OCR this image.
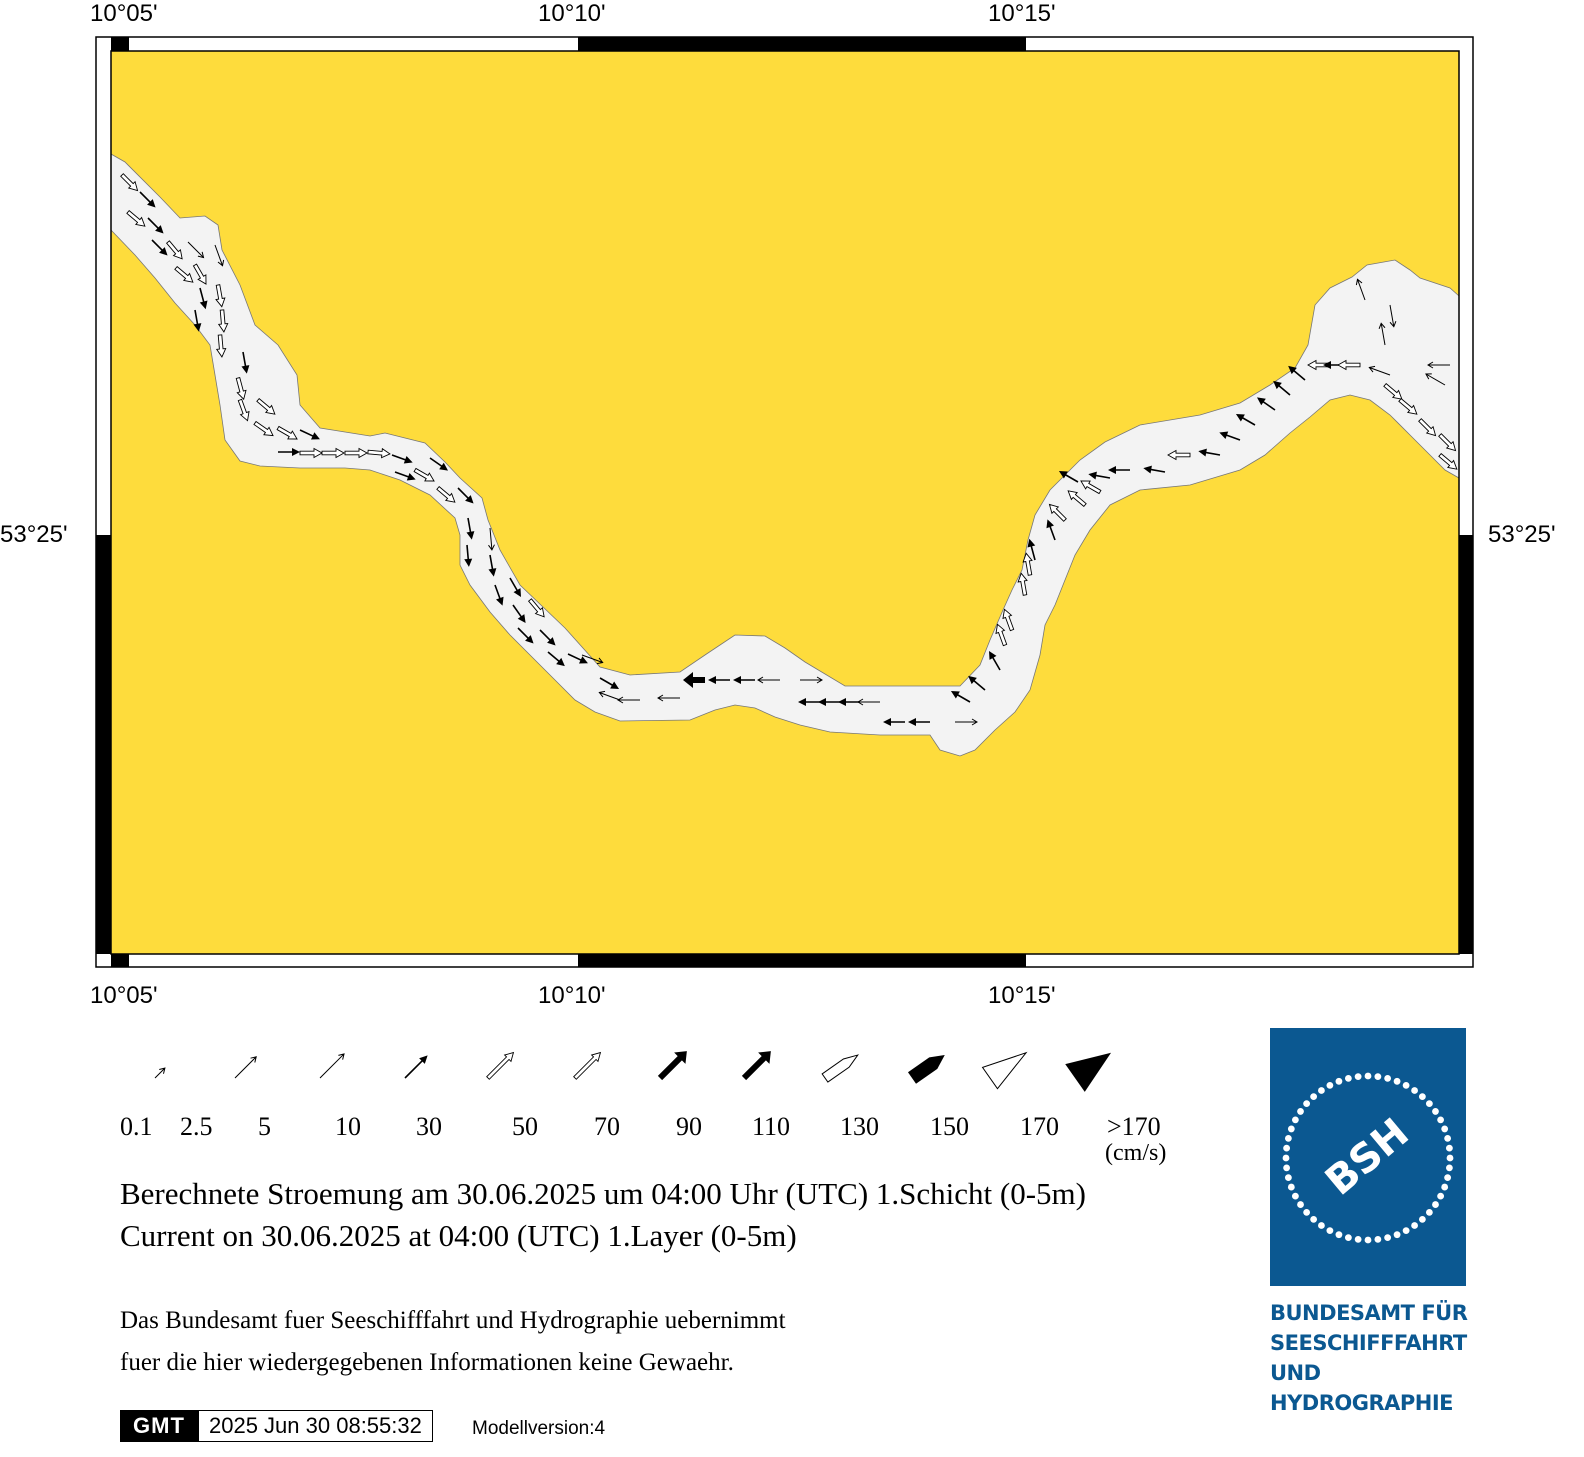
10°05'	10°10'	10°15'
10°05'	10°10'	10°15'
53°25'	53°25'
0.1 2.5 5 10 30	50 70 90 110 130 150 170 >170
(cm/s)
Berechnete Stroemung am 30.06.2025 um 04:00 Uhr (UTC) 1.Schicht (0-5m)
Current on 30.06.2025 at 04:00 (UTC) 1.Layer (0-5m)
Das Bundesamt fuer Seeschifffahrt und Hydrographie uebernimmt
fuer die hier wiedergegebenen Informationen keine Gewaehr.
GMT	2025 Jun 30 08:55:32	Modellversion:4
BSH
BUNDESAMT FÜR
SEESCHIFFFAHRT
UND
HYDROGRAPHIE
